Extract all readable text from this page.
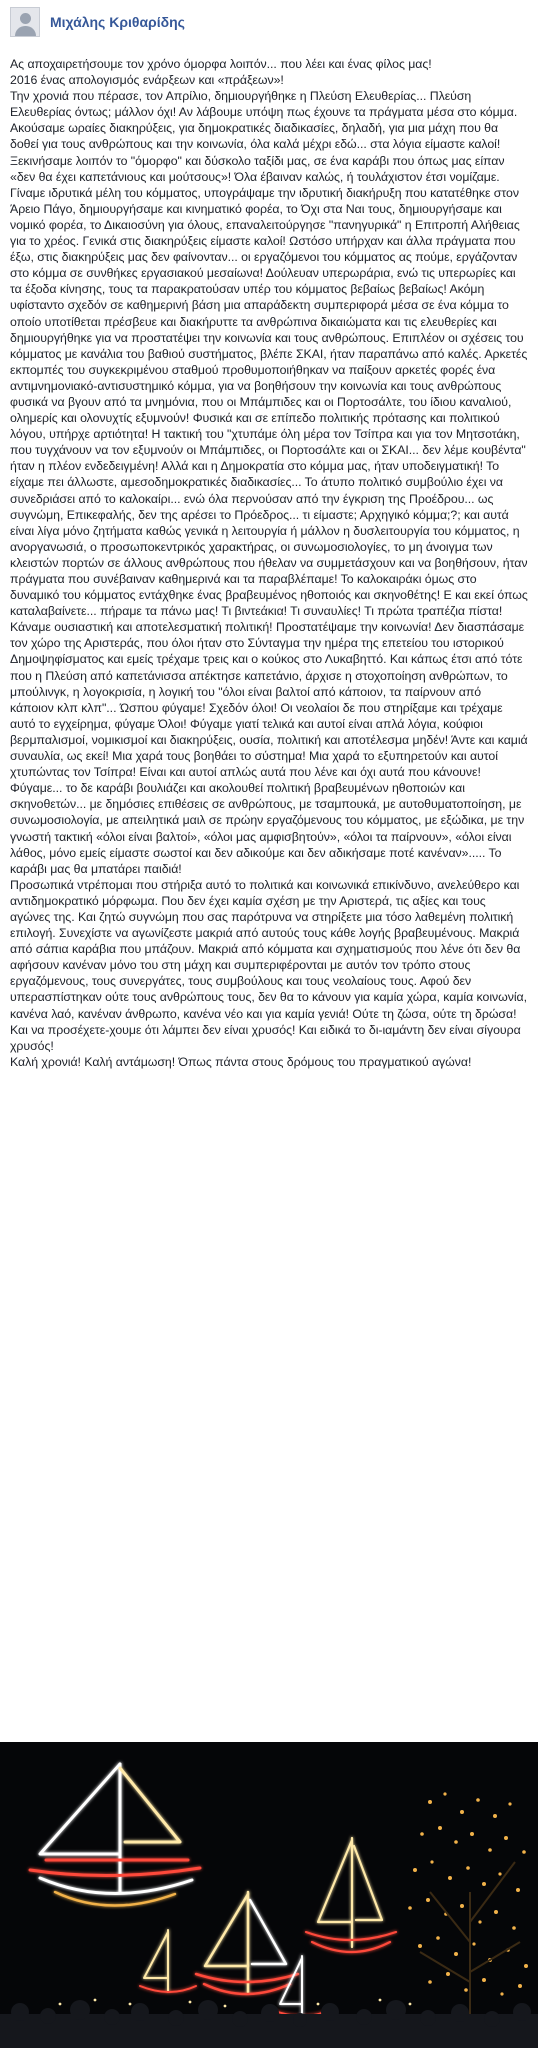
Μιχάλης Κριθαρίδης

Ας αποχαιρετήσουμε τον χρόνο όμορφα λοιπόν... που λέει και ένας φίλος μας!

2016 ένας απολογισμός ενάρξεων και «πράξεων»!

Την χρονιά που πέρασε, τον Απρίλιο, δημιουργήθηκε η Πλεύση Ελευθερίας... Πλεύση Ελευθερίας όντως; μάλλον όχι! Αν λάβουμε υπόψη πως έχουνε τα πράγματα μέσα στο κόμμα. Ακούσαμε ωραίες διακηρύξεις, για δημοκρατικές διαδικασίες, δηλαδή, για μια μάχη που θα δοθεί για τους ανθρώπους και την κοινωνία, όλα καλά μέχρι εδώ... στα λόγια είμαστε καλοί! Ξεκινήσαμε λοιπόν το "όμορφο" και δύσκολο ταξίδι μας, σε ένα καράβι που όπως μας είπαν «δεν θα έχει καπετάνιους και μούτσους»! Όλα έβαιναν καλώς, ή τουλάχιστον έτσι νομίζαμε. Γίναμε ιδρυτικά μέλη του κόμματος, υπογράψαμε την ιδρυτική διακήρυξη που κατατέθηκε στον Άρειο Πάγο, δημιουργήσαμε και κινηματικό φορέα, το Όχι στα Ναι τους, δημιουργήσαμε και νομικό φορέα, το Δικαιοσύνη για όλους, επαναλειτούργησε "πανηγυρικά" η Επιτροπή Αλήθειας για το χρέος. Γενικά στις διακηρύξεις είμαστε καλοί! Ωστόσο υπήρχαν και άλλα πράγματα που έξω, στις διακηρύξεις μας δεν φαίνονταν... οι εργαζόμενοι του κόμματος ας πούμε, εργάζονταν στο κόμμα σε συνθήκες εργασιακού μεσαίωνα! Δούλευαν υπερωράρια, ενώ τις υπερωρίες και τα έξοδα κίνησης, τους τα παρακρατούσαν υπέρ του κόμματος βεβαίως βεβαίως! Ακόμη υφίσταντο σχεδόν σε καθημερινή βάση μια απαράδεκτη συμπεριφορά μέσα σε ένα κόμμα το οποίο υποτίθεται πρέσβευε και διακήρυττε τα ανθρώπινα δικαιώματα και τις ελευθερίες και δημιουργήθηκε για να προστατέψει την κοινωνία και τους ανθρώπους. Επιπλέον οι σχέσεις του κόμματος με κανάλια του βαθιού συστήματος, βλέπε ΣΚΑΙ, ήταν παραπάνω από καλές. Αρκετές εκπομπές του συγκεκριμένου σταθμού προθυμοποιήθηκαν να παίξουν αρκετές φορές ένα αντιμνημονιακό-αντισυστημικό κόμμα, για να βοηθήσουν την κοινωνία και τους ανθρώπους φυσικά να βγουν από τα μνημόνια, που οι Μπάμπιδες και οι Πορτοσάλτε, του ίδιου καναλιού, ολημερίς και ολονυχτίς εξυμνούν! Φυσικά και σε επίπεδο πολιτικής πρότασης και πολιτικού λόγου, υπήρχε αρτιότητα! Η τακτική του "χτυπάμε όλη μέρα τον Τσίπρα και για τον Μητσοτάκη, που τυγχάνουν να τον εξυμνούν οι Μπάμπιδες, οι Πορτοσάλτε και οι ΣΚΑΙ... δεν λέμε κουβέντα" ήταν η πλέον ενδεδειγμένη! Αλλά και η Δημοκρατία στο κόμμα μας, ήταν υποδειγματική! Το είχαμε πει άλλωστε, αμεσοδημοκρατικές διαδικασίες... Το άτυπο πολιτικό συμβούλιο έχει να συνεδριάσει από το καλοκαίρι... ενώ όλα περνούσαν από την έγκριση της Προέδρου... ως συγνώμη, Επικεφαλής, δεν της αρέσει το Πρόεδρος... τι είμαστε; Αρχηγικό κόμμα;?; και αυτά είναι λίγα μόνο ζητήματα καθώς γενικά η λειτουργία ή μάλλον η δυσλειτουργία του κόμματος, η ανοργανωσιά, ο προσωποκεντρικός χαρακτήρας, οι συνωμοσιολογίες, το μη άνοιγμα των κλειστών πορτών σε άλλους ανθρώπους που ήθελαν να συμμετάσχουν και να βοηθήσουν, ήταν πράγματα που συνέβαιναν καθημερινά και τα παραβλέπαμε! Το καλοκαιράκι όμως στο δυναμικό του κόμματος εντάχθηκε ένας βραβευμένος ηθοποιός και σκηνοθέτης! Ε και εκεί όπως καταλαβαίνετε... πήραμε τα πάνω μας! Τι βιντεάκια! Τι συναυλίες! Τι πρώτα τραπέζια πίστα! Κάναμε ουσιαστική και αποτελεσματική πολιτική! Προστατέψαμε την κοινωνία! Δεν διασπάσαμε τον χώρο της Αριστεράς, που όλοι ήταν στο Σύνταγμα την ημέρα της επετείου του ιστορικού Δημοψηφίσματος και εμείς τρέχαμε τρεις και ο κούκος στο Λυκαβηττό. Και κάπως έτσι από τότε που η Πλεύση από καπετάνισσα απέκτησε καπετάνιο, άρχισε η στοχοποίηση ανθρώπων, το μπούλινγκ, η λογοκρισία, η λογική του "όλοι είναι βαλτοί από κάποιον, τα παίρνουν από κάποιον κλπ κλπ"... Ώσπου φύγαμε! Σχεδόν όλοι! Οι νεολαίοι δε που στηρίξαμε και τρέχαμε αυτό το εγχείρημα, φύγαμε Όλοι! Φύγαμε γιατί τελικά και αυτοί είναι απλά λόγια, κούφιοι βερμπαλισμοί, νομικισμοί και διακηρύξεις, ουσία, πολιτική και αποτέλεσμα μηδέν! Άντε και καμιά συναυλία, ως εκεί! Μια χαρά τους βοηθάει το σύστημα! Μια χαρά το εξυπηρετούν και αυτοί χτυπώντας τον Τσίπρα! Είναι και αυτοί απλώς αυτά που λένε και όχι αυτά που κάνουνε! Φύγαμε... το δε καράβι βουλιάζει και ακολουθεί πολιτική βραβευμένων ηθοποιών και σκηνοθετών... με δημόσιες επιθέσεις σε ανθρώπους, με τσαμπουκά, με αυτοθυματοποίηση, με συνωμοσιολογία, με απειλητικά μαιλ σε πρώην εργαζόμενους του κόμματος, με εξώδικα, με την γνωστή τακτική «όλοι είναι βαλτοί», «όλοι μας αμφισβητούν», «όλοι τα παίρνουν», «όλοι είναι λάθος, μόνο εμείς είμαστε σωστοί και δεν αδικούμε και δεν αδικήσαμε ποτέ κανέναν»..... Το καράβι μας θα μπατάρει παιδιά!

Προσωπικά ντρέπομαι που στήριξα αυτό το πολιτικά και κοινωνικά επικίνδυνο, ανελεύθερο και αντιδημοκρατικό μόρφωμα. Που δεν έχει καμία σχέση με την Αριστερά, τις αξίες και τους αγώνες της. Και ζητώ συγνώμη που σας παρότρυνα να στηρίξετε μια τόσο λαθεμένη πολιτική επιλογή. Συνεχίστε να αγωνίζεστε μακριά από αυτούς τους κάθε λογής βραβευμένους. Μακριά από σάπια καράβια που μπάζουν. Μακριά από κόμματα και σχηματισμούς που λένε ότι δεν θα αφήσουν κανέναν μόνο του στη μάχη και συμπεριφέρονται με αυτόν τον τρόπο στους εργαζόμενους, τους συνεργάτες, τους συμβούλους και τους νεολαίους τους. Αφού δεν υπερασπίστηκαν ούτε τους ανθρώπους τους, δεν θα το κάνουν για καμία χώρα, καμία κοινωνία, κανένα λαό, κανέναν άνθρωπο, κανένα νέο και για καμία γενιά! Ούτε τη ζώσα, ούτε τη δρώσα!

Και να προσέχετε-χουμε ότι λάμπει δεν είναι χρυσός! Και ειδικά το δι-ιαμάντη δεν είναι σίγουρα χρυσός!

Καλή χρονιά! Καλή αντάμωση! Όπως πάντα στους δρόμους του πραγματικού αγώνα!
